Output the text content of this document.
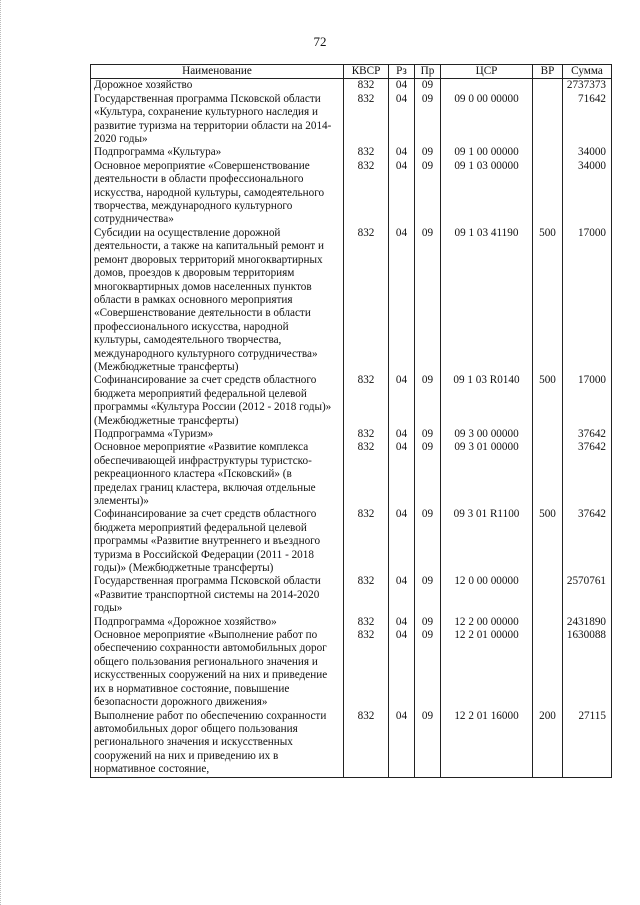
72
Наименование	КВСР	Рз	Пр	ЦСР	ВР	Сумма
Дорожное хозяйство	832	04	09			2737373
Государственная программа Псковской области «Культура, сохранение культурного наследия и развитие туризма на территории области на 2014-2020 годы»	832	04	09	09 0 00 00000		71642
Подпрограмма «Культура»	832	04	09	09 1 00 00000		34000
Основное мероприятие «Совершенствование деятельности в области профессионального искусства, народной культуры, самодеятельного творчества, международного культурного сотрудничества»	832	04	09	09 1 03 00000		34000
Субсидии на осуществление дорожной деятельности, а также на капитальный ремонт и ремонт дворовых территорий многоквартирных домов, проездов к дворовым территориям многоквартирных домов населенных пунктов области в рамках основного мероприятия «Совершенствование деятельности в области профессионального искусства, народной культуры, самодеятельного творчества, международного культурного сотрудничества» (Межбюджетные трансферты)	832	04	09	09 1 03 41190	500	17000
Софинансирование за счет средств областного бюджета мероприятий федеральной целевой программы «Культура России (2012 - 2018 годы)» (Межбюджетные трансферты)	832	04	09	09 1 03 R0140	500	17000
Подпрограмма «Туризм»	832	04	09	09 3 00 00000		37642
Основное мероприятие «Развитие комплекса обеспечивающей инфраструктуры туристско-рекреационного кластера «Псковский» (в пределах границ кластера, включая отдельные элементы)»	832	04	09	09 3 01 00000		37642
Софинансирование за счет средств областного бюджета мероприятий федеральной целевой программы «Развитие внутреннего и въездного туризма в Российской Федерации (2011 - 2018 годы)» (Межбюджетные трансферты)	832	04	09	09 3 01 R1100	500	37642
Государственная программа Псковской области «Развитие транспортной системы на 2014-2020 годы»	832	04	09	12 0 00 00000		2570761
Подпрограмма «Дорожное хозяйство»	832	04	09	12 2 00 00000		2431890
Основное мероприятие «Выполнение работ по обеспечению сохранности автомобильных дорог общего пользования регионального значения и искусственных сооружений на них и приведение их в нормативное состояние, повышение безопасности дорожного движения»	832	04	09	12 2 01 00000		1630088
Выполнение работ по обеспечению сохранности автомобильных дорог общего пользования регионального значения и искусственных сооружений на них и приведению их в нормативное состояние,	832	04	09	12 2 01 16000	200	27115
